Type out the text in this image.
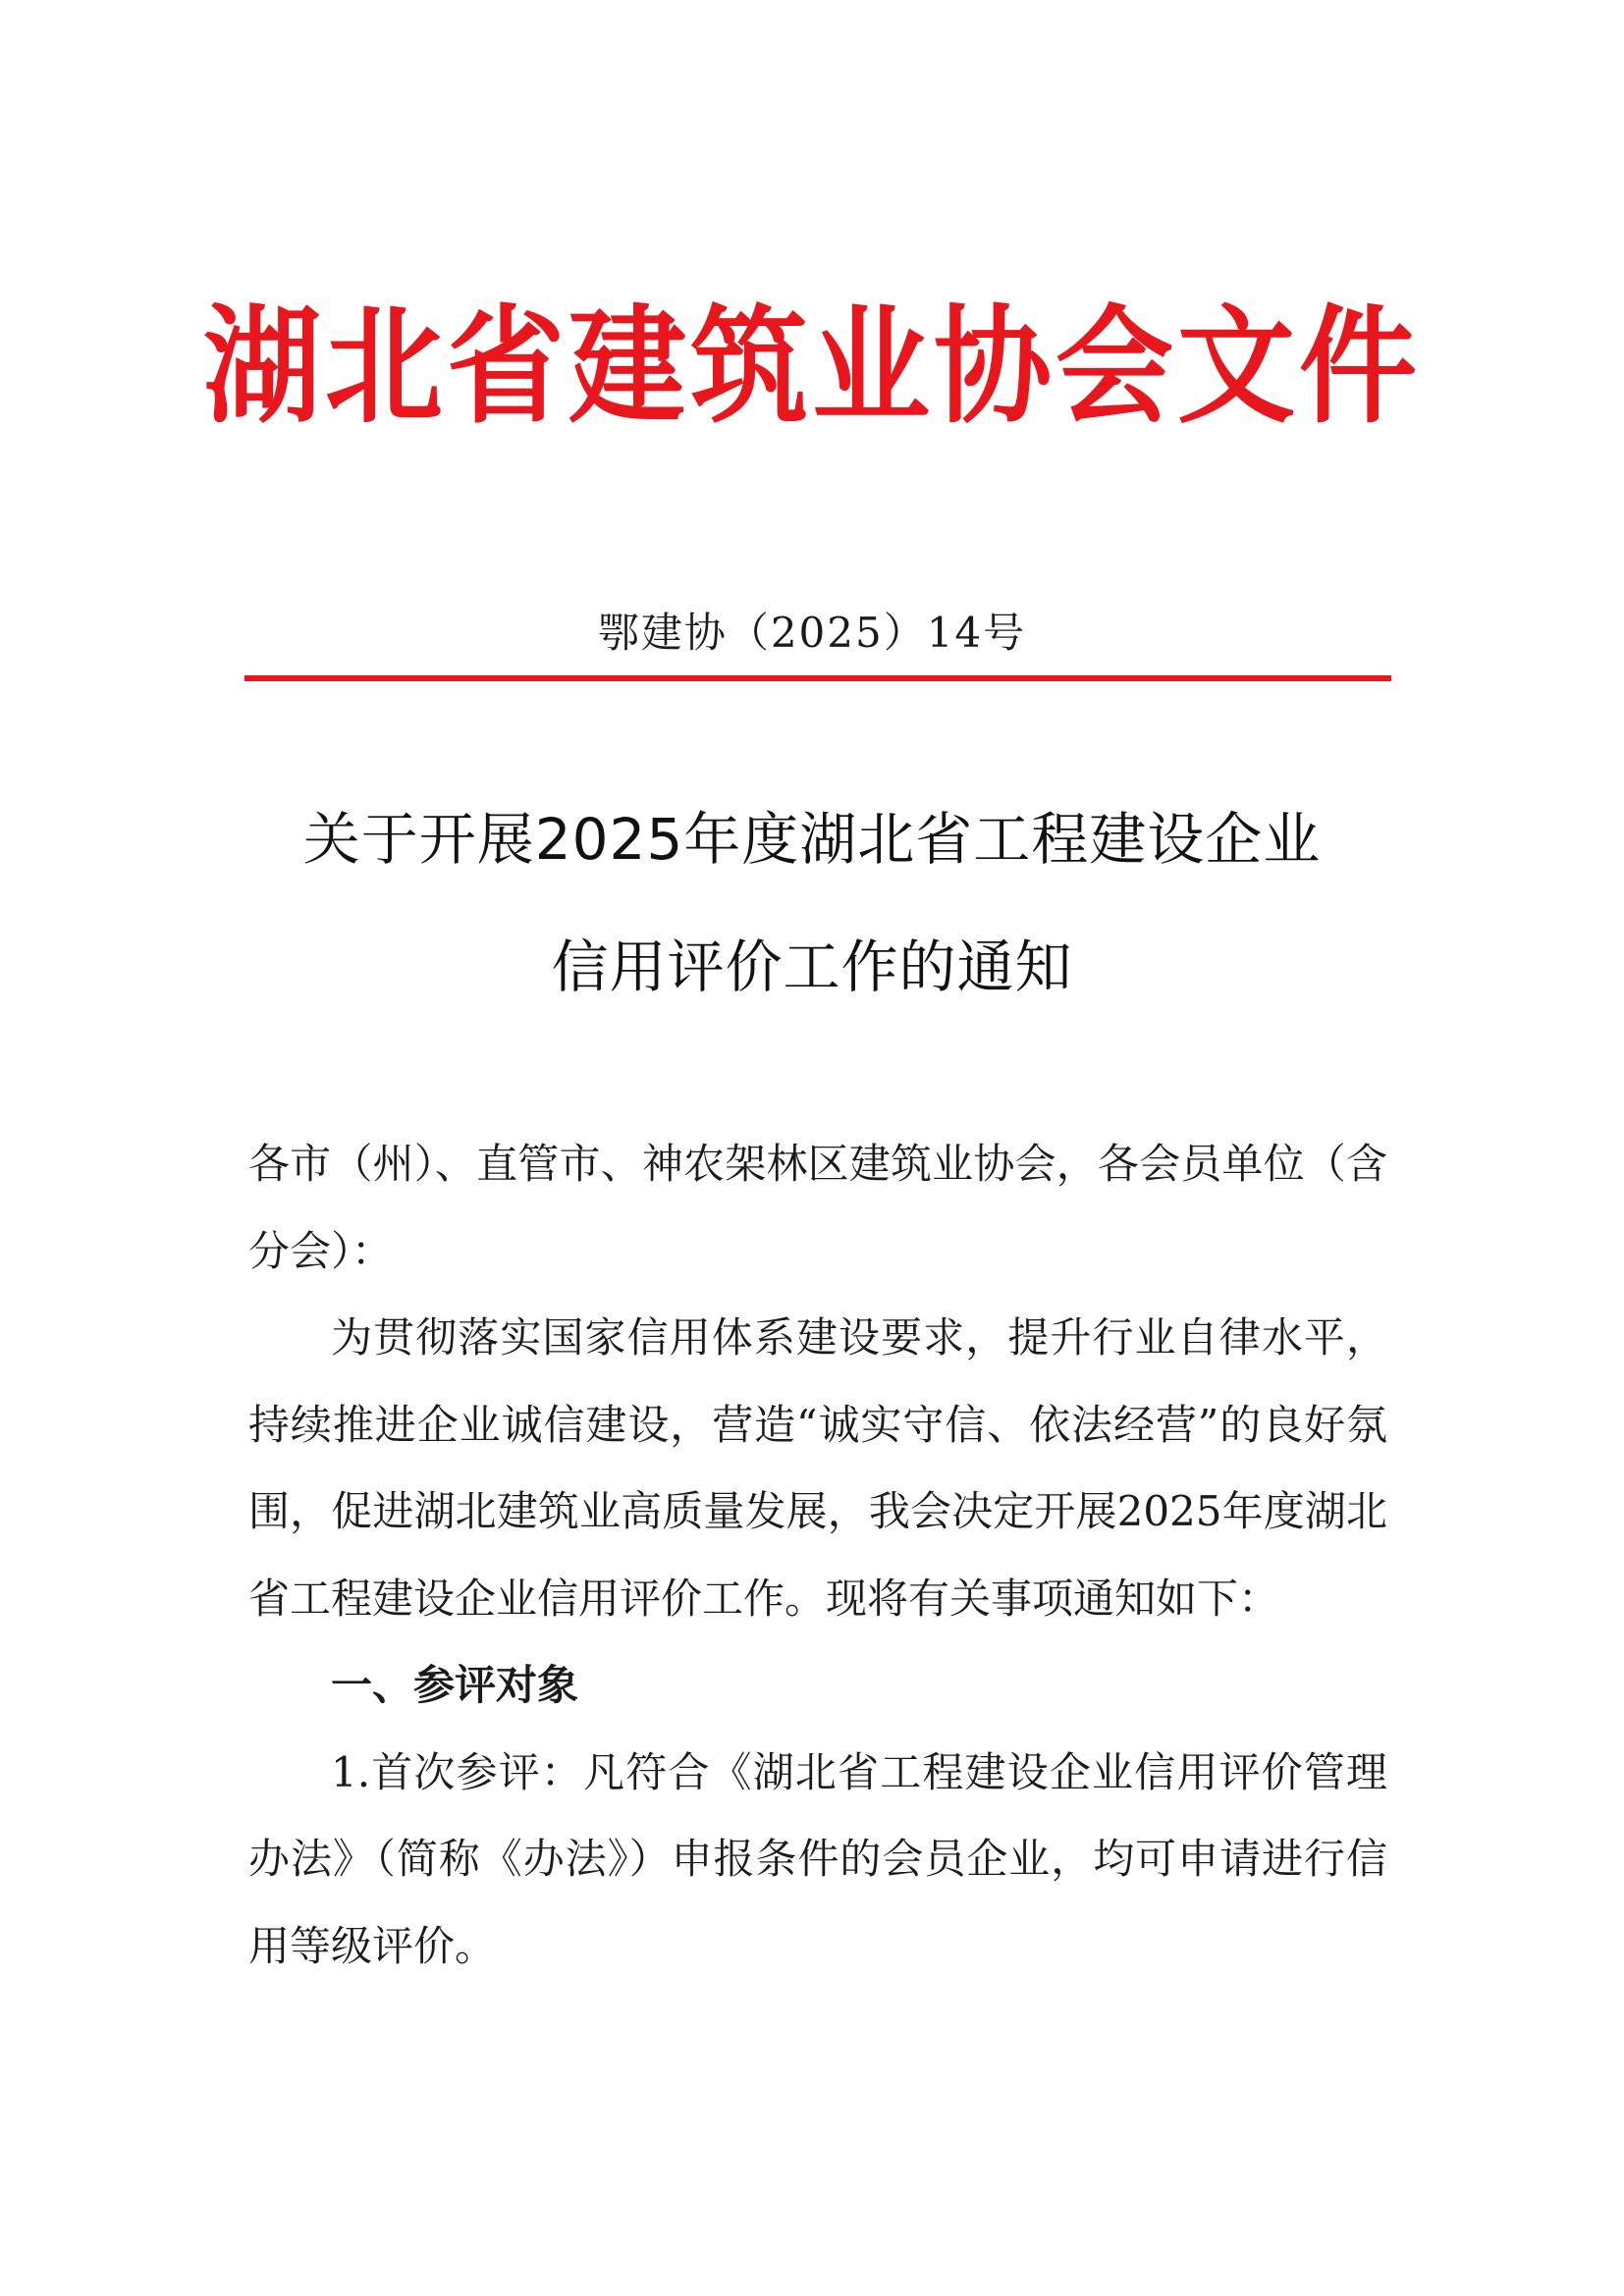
湖北省建筑业协会文件
鄂建协（2025）14号
关于开展2025年度湖北省工程建设企业
信用评价工作的通知

各市（州）、直管市、神农架林区建筑业协会，各会员单位（含分会）：

为贯彻落实国家信用体系建设要求，提升行业自律水平，持续推进企业诚信建设，营造“诚实守信、依法经营”的良好氛围，促进湖北建筑业高质量发展，我会决定开展2025年度湖北省工程建设企业信用评价工作。现将有关事项通知如下：

一、参评对象

1.首次参评：凡符合《湖北省工程建设企业信用评价管理办法》（简称《办法》）申报条件的会员企业，均可申请进行信用等级评价。
